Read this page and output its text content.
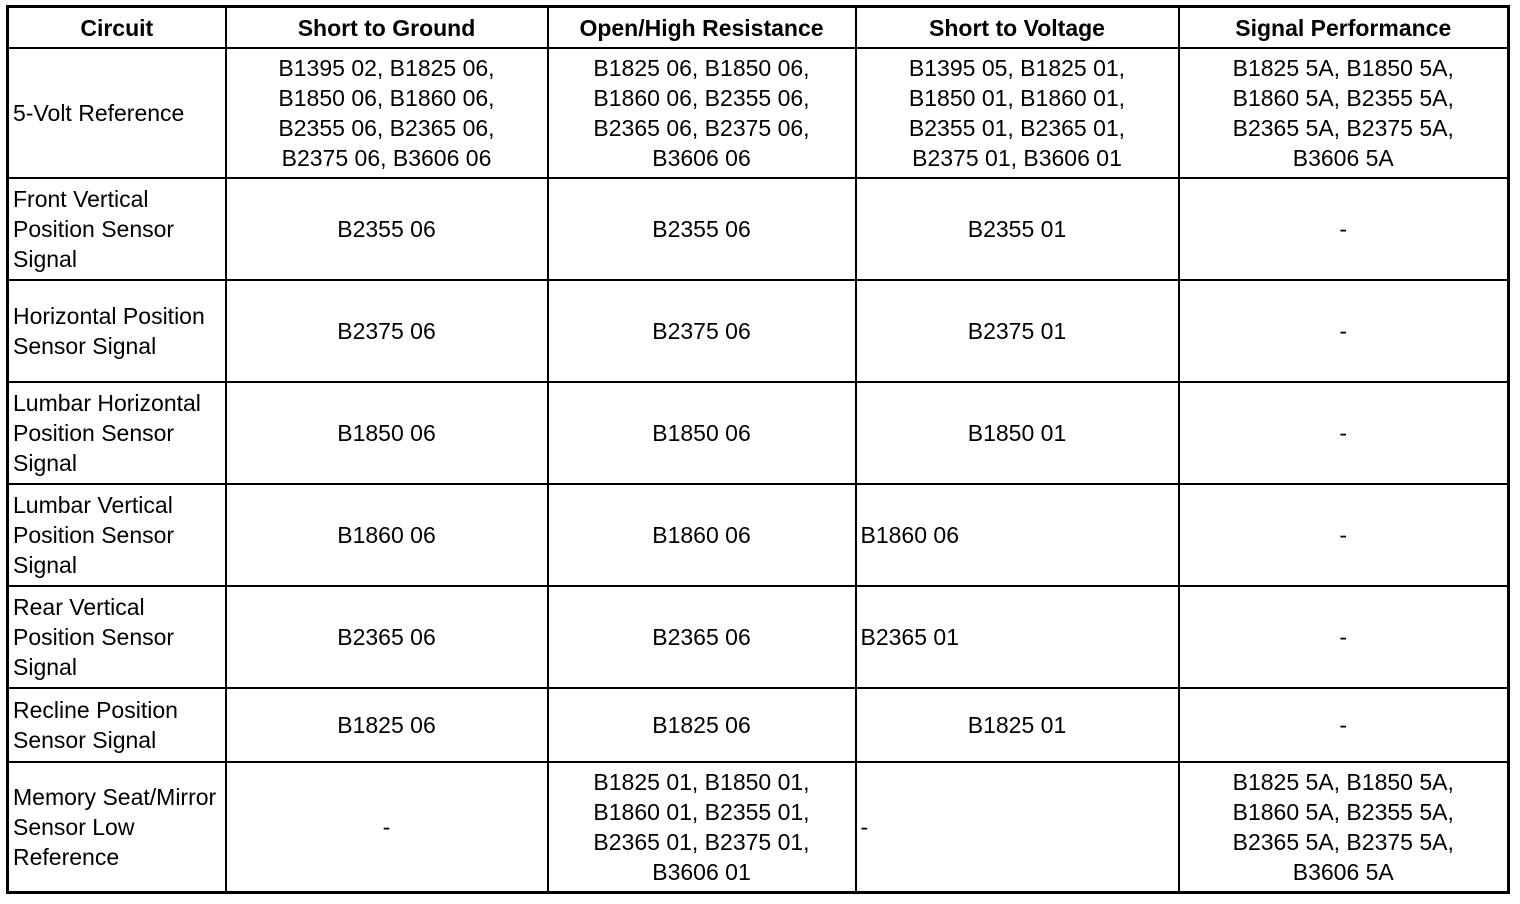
Circuit	Short to Ground	Open/High Resistance	Short to Voltage	Signal Performance
5-Volt Reference	B1395 02, B1825 06,
B1850 06, B1860 06,
B2355 06, B2365 06,
B2375 06, B3606 06	B1825 06, B1850 06,
B1860 06, B2355 06,
B2365 06, B2375 06,
B3606 06	B1395 05, B1825 01,
B1850 01, B1860 01,
B2355 01, B2365 01,
B2375 01, B3606 01	B1825 5A, B1850 5A,
B1860 5A, B2355 5A,
B2365 5A, B2375 5A,
B3606 5A

Front Vertical Position Sensor Signal	B2355 06	B2355 06	B2355 01	-
Horizontal Position Sensor Signal	B2375 06	B2375 06	B2375 01	-
Lumbar Horizontal Position Sensor Signal	B1850 06	B1850 06	B1850 01	-
Lumbar Vertical Position Sensor Signal	B1860 06	B1860 06	B1860 06	-
Rear Vertical Position Sensor Signal	B2365 06	B2365 06	B2365 01	-
Recline Position Sensor Signal	B1825 06	B1825 06	B1825 01	-
Memory Seat/Mirror Sensor Low Reference	-	B1825 01, B1850 01,
B1860 01, B2355 01,
B2365 01, B2375 01,
B3606 01	-	B1825 5A, B1850 5A,
B1860 5A, B2355 5A,
B2365 5A, B2375 5A,
B3606 5A
